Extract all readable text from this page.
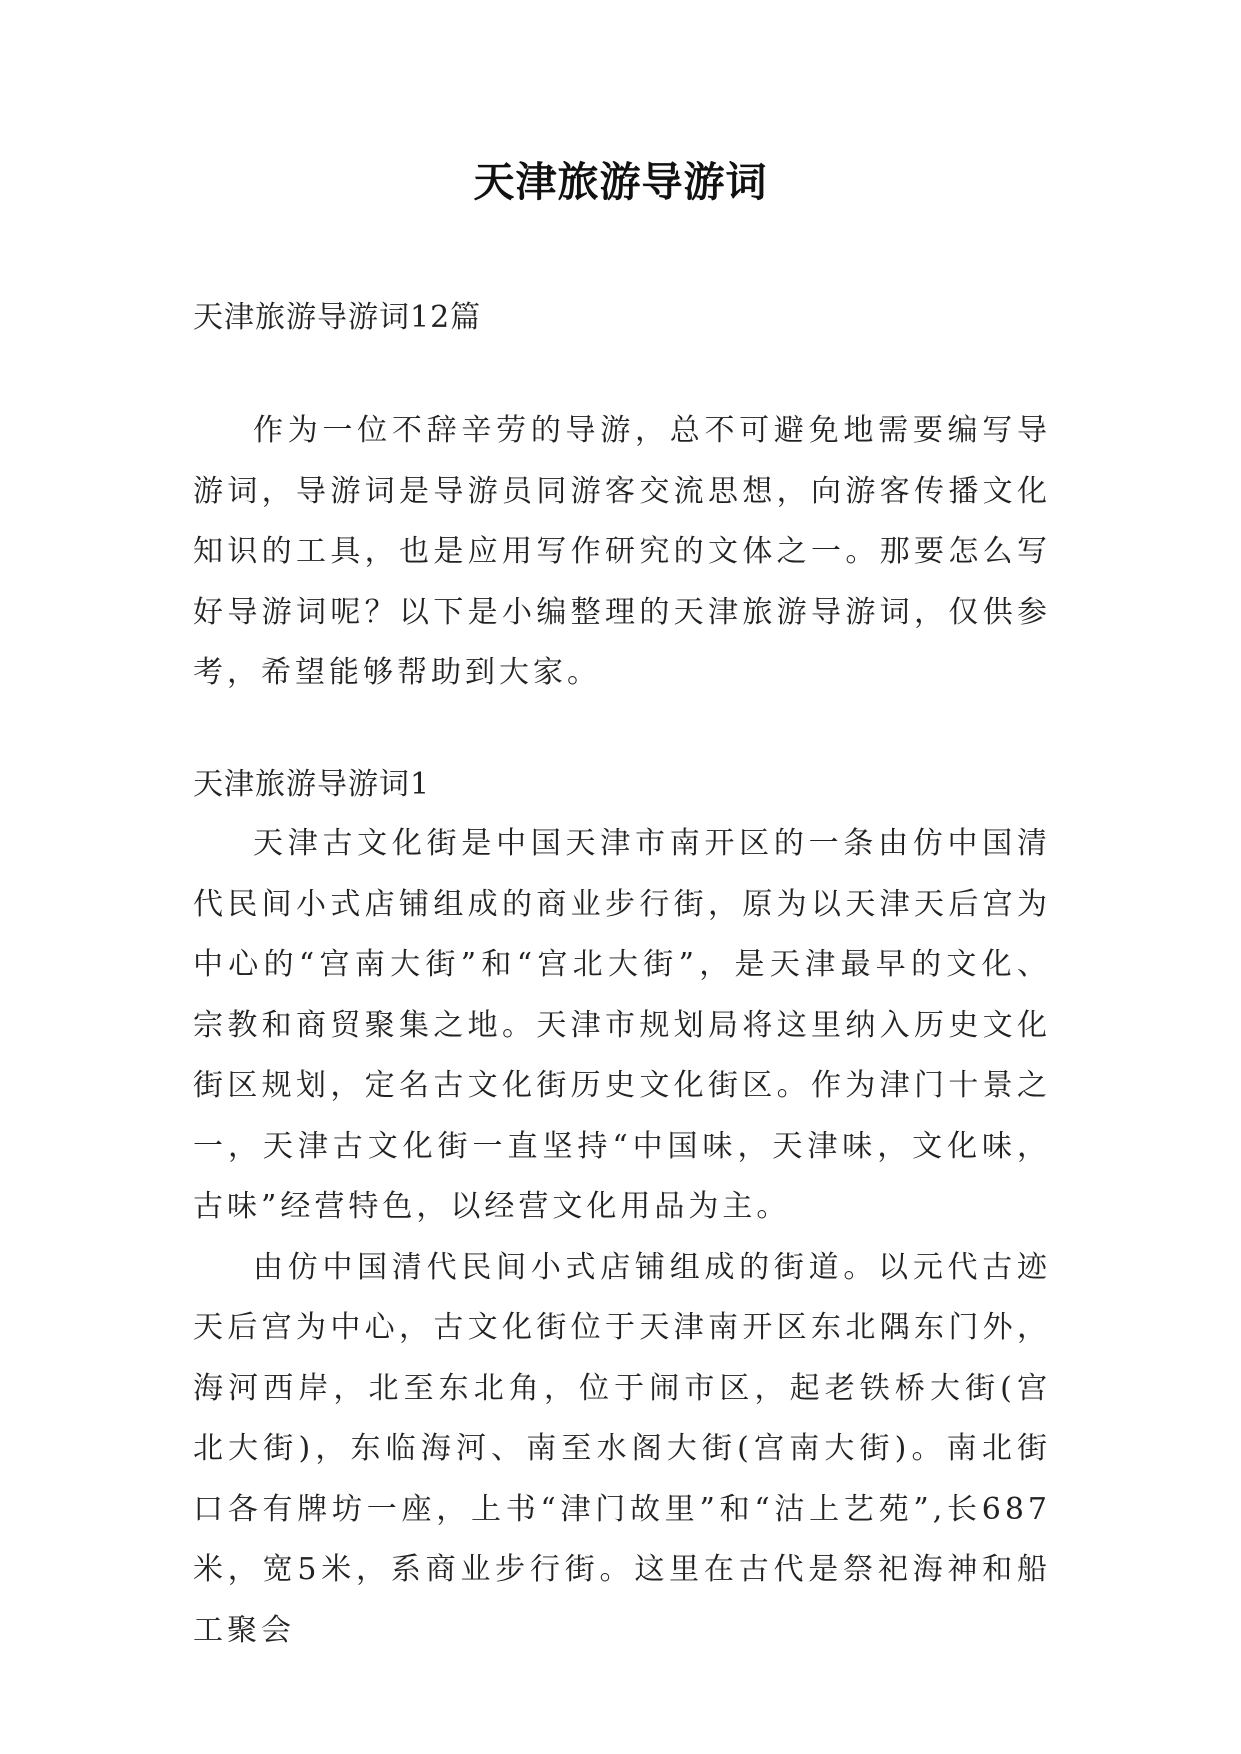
天津旅游导游词
天津旅游导游词12篇

作为一位不辞辛劳的导游，总不可避免地需要编写导游词，导游词是导游员同游客交流思想，向游客传播文化知识的工具，也是应用写作研究的文体之一。那要怎么写好导游词呢？以下是小编整理的天津旅游导游词，仅供参考，希望能够帮助到大家。

天津旅游导游词1

天津古文化街是中国天津市南开区的一条由仿中国清代民间小式店铺组成的商业步行街，原为以天津天后宫为中心的“宫南大街”和“宫北大街”，是天津最早的文化、宗教和商贸聚集之地。天津市规划局将这里纳入历史文化街区规划，定名古文化街历史文化街区。作为津门十景之一，天津古文化街一直坚持“中国味，天津味，文化味，古味”经营特色，以经营文化用品为主。

由仿中国清代民间小式店铺组成的街道。以元代古迹天后宫为中心，古文化街位于天津南开区东北隅东门外，海河西岸，北至东北角，位于闹市区，起老铁桥大街(宫北大街)，东临海河、南至水阁大街(宫南大街)。南北街口各有牌坊一座，上书“津门故里”和“沽上艺苑”,长687米，宽5米，系商业步行街。这里在古代是祭祀海神和船工聚会
